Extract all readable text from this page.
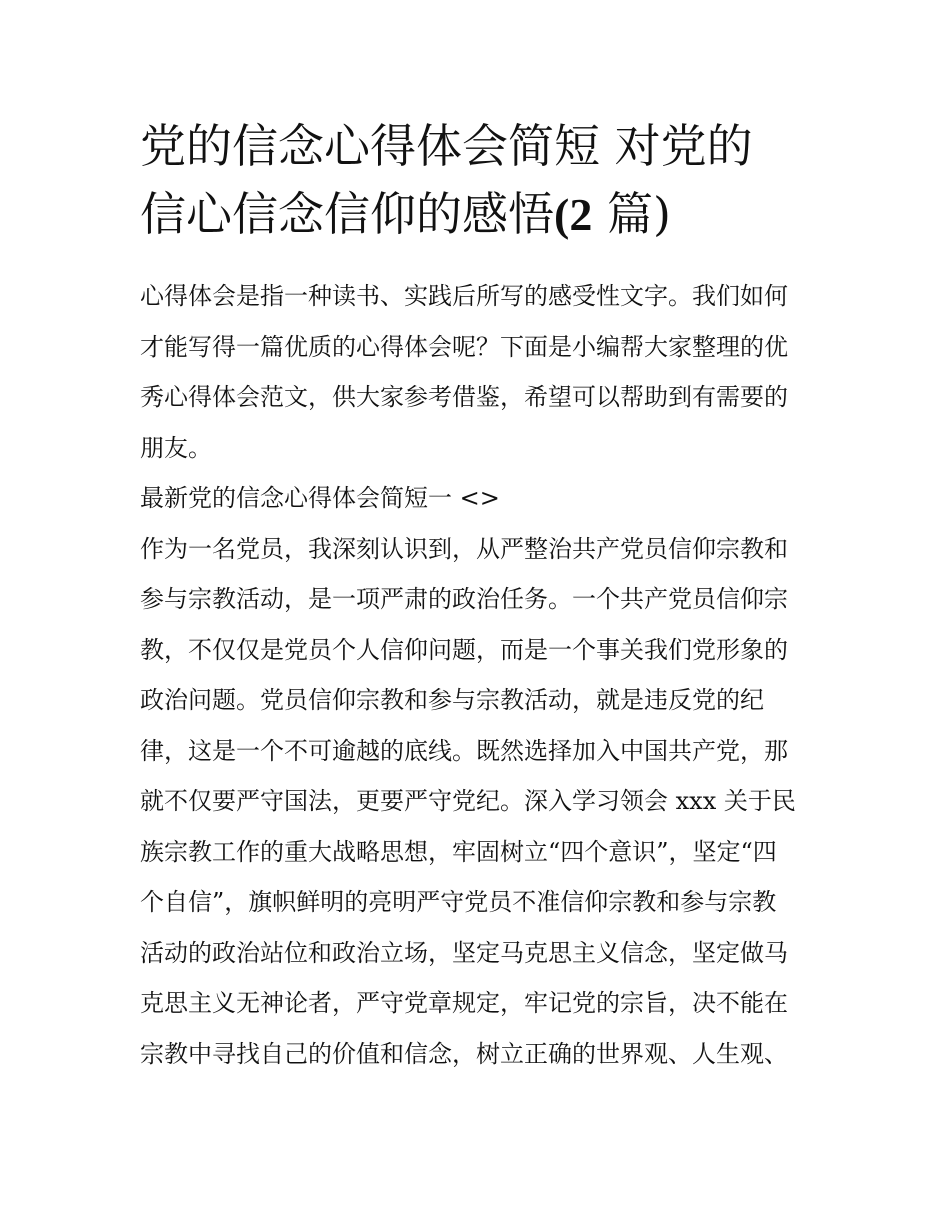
党的信念心得体会简短 对党的
信心信念信仰的感悟(2 篇)
心得体会是指一种读书、实践后所写的感受性文字。我们如何
才能写得一篇优质的心得体会呢？下面是小编帮大家整理的优
秀心得体会范文，供大家参考借鉴，希望可以帮助到有需要的
朋友。
最新党的信念心得体会简短一 <>
作为一名党员，我深刻认识到，从严整治共产党员信仰宗教和
参与宗教活动，是一项严肃的政治任务。一个共产党员信仰宗
教，不仅仅是党员个人信仰问题，而是一个事关我们党形象的
政治问题。党员信仰宗教和参与宗教活动，就是违反党的纪
律，这是一个不可逾越的底线。既然选择加入中国共产党，那
就不仅要严守国法，更要严守党纪。深入学习领会 xxx 关于民
族宗教工作的重大战略思想，牢固树立“四个意识”，坚定“四
个自信”，旗帜鲜明的亮明严守党员不准信仰宗教和参与宗教
活动的政治站位和政治立场，坚定马克思主义信念，坚定做马
克思主义无神论者，严守党章规定，牢记党的宗旨，决不能在
宗教中寻找自己的价值和信念，树立正确的世界观、人生观、
